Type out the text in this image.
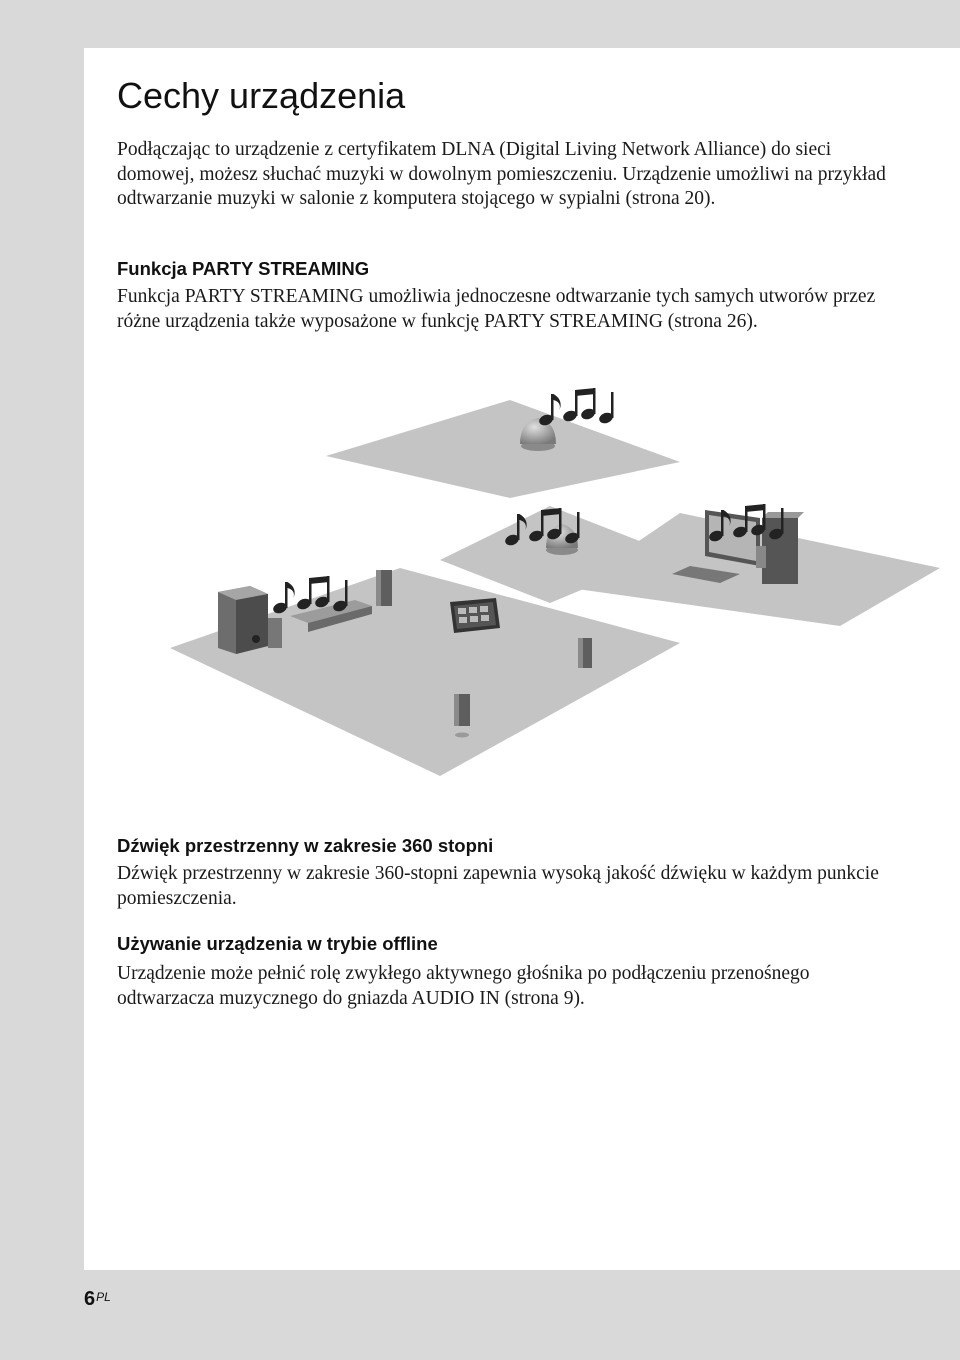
Cechy urządzenia

Podłączając to urządzenie z certyfikatem DLNA (Digital Living Network Alliance) do sieci domowej, możesz słuchać muzyki w dowolnym pomieszczeniu. Urządzenie umożliwi na przykład odtwarzanie muzyki w salonie z komputera stojącego w sypialni (strona 20).

Funkcja PARTY STREAMING

Funkcja PARTY STREAMING umożliwia jednoczesne odtwarzanie tych samych utworów przez różne urządzenia także wyposażone w funkcję PARTY STREAMING (strona 26).

Dźwięk przestrzenny w zakresie 360 stopni

Dźwięk przestrzenny w zakresie 360-stopni zapewnia wysoką jakość dźwięku w każdym punkcie pomieszczenia.

Używanie urządzenia w trybie offline

Urządzenie może pełnić rolę zwykłego aktywnego głośnika po podłączeniu przenośnego odtwarzacza muzycznego do gniazda AUDIO IN (strona 9).

$6^{PL}$
